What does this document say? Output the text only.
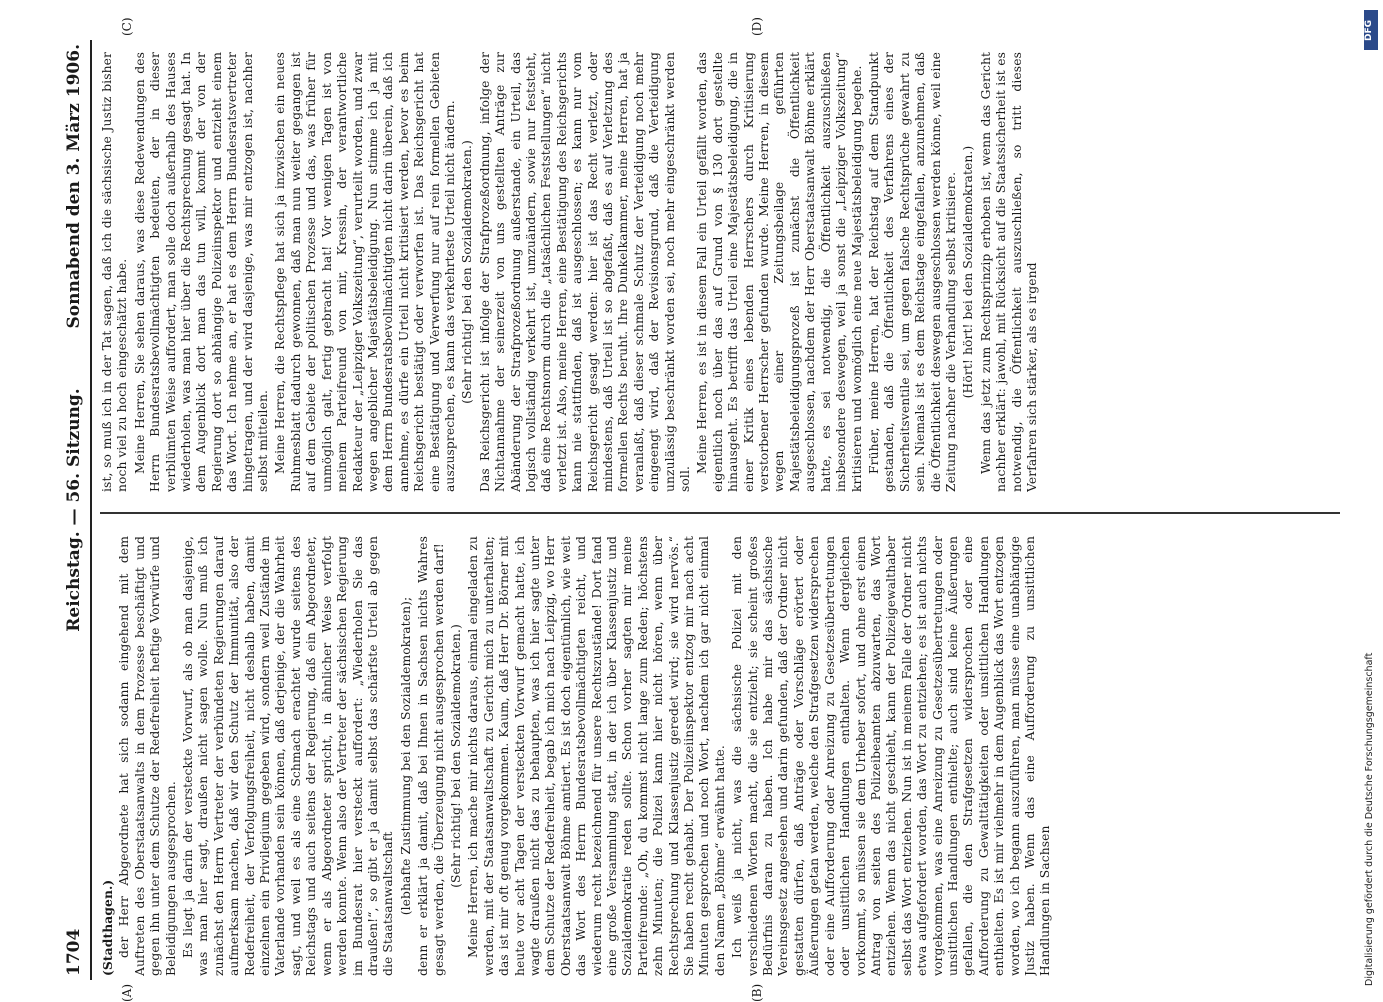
1704
Reichstag. — 56. Sitzung.
Sonnabend den 3. März 1906.

(Stadthagen.) der Herr Abgeordnete hat sich sodann eingehend mit dem Auftreten des Oberstaatsanwalts in dem Prozesse beschäftigt und gegen ihn unter dem Schutze der Redefreiheit heftige Vorwürfe und Beleidigungen ausgesprochen. Es liegt ja darin der versteckte Vorwurf, als ob man dasjenige, was man hier sagt, draußen nicht sagen wolle. Nun muß ich zunächst den Herrn Vertreter der verbündeten Regierungen darauf aufmerksam machen, daß wir den Schutz der Immunität, also der Redefreiheit, der Verfolgungsfreiheit, nicht deshalb haben, damit einzelnen ein Privilegium gegeben wird, sondern weil Zustände im Vaterlande vorhanden sein können, daß derjenige, der die Wahrheit sagt, und weil es als eine Schmach erachtet wurde seitens des Reichstags und auch seitens der Regierung, daß ein Abgeordneter, wenn er als Abgeordneter spricht, in ähnlicher Weise verfolgt werden konnte. Wenn also der Vertreter der sächsischen Regierung im Bundesrat hier versteckt auffordert: „Wiederholen Sie das draußen!“, so gibt er ja damit selbst das schärfste Urteil ab gegen die Staatsanwaltschaft (lebhafte Zustimmung bei den Sozialdemokraten); denn er erklärt ja damit, daß bei Ihnen in Sachsen nichts Wahres gesagt werden, die Überzeugung nicht ausgesprochen werden darf! (Sehr richtig! bei den Sozialdemokraten.) Meine Herren, ich mache mir nichts daraus, einmal eingeladen zu werden, mit der Staatsanwaltschaft zu Gericht mich zu unterhalten; das ist mir oft genug vorgekommen. Kaum, daß Herr Dr. Börner mit heute vor acht Tagen der versteckten Vorwurf gemacht hatte, ich wagte draußen nicht das zu behaupten, was ich hier sagte unter dem Schutze der Redefreiheit, begab ich mich nach Leipzig, wo Herr Oberstaatsanwalt Böhme amtiert. Es ist doch eigentümlich, wie weit das Wort des Herrn Bundesratsbevollmächtigten reicht, und wiederum recht bezeichnend für unsere Rechtszustände! Dort fand eine große Versammlung statt, in der ich über Klassenjustiz und Sozialdemokratie reden sollte. Schon vorher sagten mir meine Parteifreunde: „Oh, du kommst nicht lange zum Reden; höchstens zehn Minuten; die Polizei kann hier nicht hören, wenn über Rechtsprechung und Klassenjustiz geredet wird; sie wird nervös.“ Sie haben recht gehabt. Der Polizeiinspektor entzog mir nach acht Minuten gesprochen und noch Wort, nachdem ich gar nicht einmal den Namen „Böhme“ erwähnt hatte. Ich weiß ja nicht, was die sächsische Polizei mit den verschiedenen Worten macht, die sie entzieht; sie scheint großes Bedürfnis daran zu haben. Ich habe mir das sächsische Vereinsgesetz angesehen und darin gefunden, daß der Ordner nicht gestatten dürfen, daß Anträge oder Vorschläge erörtert oder Äußerungen getan werden, welche den Strafgesetzen widersprechen oder eine Aufforderung oder Anreizung zu Gesetzesübertretungen oder unsittlichen Handlungen enthalten. Wenn dergleichen vorkommt, so müssen sie dem Urheber sofort, und ohne erst einen Antrag von seiten des Polizeibeamten abzuwarten, das Wort entziehen. Wenn das nicht geschieht, kann der Polizeigewalthaber selbst das Wort entziehen. Nun ist in meinem Falle der Ordner nicht etwa aufgefordert worden, das Wort zu entziehen; es ist auch nichts vorgekommen, was eine Anreizung zu Gesetzesübertretungen oder unsittlichen Handlungen enthielte; auch sind keine Äußerungen gefallen, die den Strafgesetzen widersprochen oder eine Aufforderung zu Gewalttätigkeiten oder unsittlichen Handlungen enthielten. Es ist mir vielmehr in dem Augenblick das Wort entzogen worden, wo ich begann auszuführen, man müsse eine unabhängige Justiz haben. Wenn das eine Aufforderung zu unsittlichen Handlungen in Sachsen

ist, so muß ich in der Tat sagen, daß ich die sächsische Justiz bisher noch viel zu hoch eingeschätzt habe. Meine Herren, Sie sehen daraus, was diese Redewendungen des Herrn Bundesratsbevollmächtigten bedeuten, der in dieser verblümten Weise auffordert, man solle doch außerhalb des Hauses wiederholen, was man hier über die Rechtsprechung gesagt hat. In dem Augenblick dort man das tun will, kommt der von der Regierung dort so abhängige Polizeiinspektor und entzieht einem das Wort. Ich nehme an, er hat es dem Herrn Bundesratsvertreter hingetragen, und der wird dasjenige, was mir entzogen ist, nachher selbst mitteilen. Meine Herren, die Rechtspflege hat sich ja inzwischen ein neues Ruhmesblatt dadurch gewonnen, daß man nun weiter gegangen ist auf dem Gebiete der politischen Prozesse und das, was früher für unmöglich galt, fertig gebracht hat! Vor wenigen Tagen ist von meinem Parteifreund von mir, Kressin, der verantwortliche Redakteur der „Leipziger Volkszeitung“, verurteilt worden, und zwar wegen angeblicher Majestätsbeleidigung. Nun stimme ich ja mit dem Herrn Bundesratsbevollmächtigten nicht darin überein, daß ich annehme, es dürfe ein Urteil nicht kritisiert werden, bevor es beim Reichsgericht bestätigt oder verworfen ist. Das Reichsgericht hat eine Bestätigung und Verwerfung nur auf rein formellen Gebieten auszusprechen, es kann das verkehrteste Urteil nicht ändern. (Sehr richtig! bei den Sozialdemokraten.) Das Reichsgericht ist infolge der Strafprozeßordnung, infolge der Nichtannahme der seinerzeit von uns gestellten Anträge zur Abänderung der Strafprozeßordnung außerstande, ein Urteil, das logisch vollständig verkehrt ist, umzuändern, sowie nur feststeht, daß eine Rechtsnorm durch die „tatsächlichen Feststellungen“ nicht verletzt ist. Also, meine Herren, eine Bestätigung des Reichsgerichts kann nie stattfinden, daß ist ausgeschlossen; es kann nur vom Reichsgericht gesagt werden: hier ist das Recht verletzt, oder mindestens, daß Urteil ist so abgefaßt, daß es auf Verletzung des formellen Rechts beruht. Ihre Dunkelkammer, meine Herren, hat ja veranlaßt, daß dieser schmale Schutz der Verteidigung noch mehr eingeengt wird, daß der Revisionsgrund, daß die Verteidigung unzulässig beschränkt worden sei, noch mehr eingeschränkt werden soll.

Meine Herren, es ist in diesem Fall ein Urteil gefällt worden, das eigentlich noch über das auf Grund von § 130 dort gestellte hinausgeht. Es betrifft das Urteil eine Majestätsbeleidigung, die in einer Kritik eines lebenden Herrschers durch Kritisierung verstorbener Herrscher gefunden wurde. Meine Herren, in diesem wegen einer Zeitungsbeilage geführten Majestätsbeleidigungsprozeß ist zunächst die Öffentlichkeit ausgeschlossen, nachdem der Herr Oberstaatsanwalt Böhme erklärt hatte, es sei notwendig, die Öffentlichkeit auszuschließen insbesondere deswegen, weil ja sonst die „Leipziger Volkszeitung“ kritisieren und womöglich eine neue Majestätsbeleidigung begehe. Früher, meine Herren, hat der Reichstag auf dem Standpunkt gestanden, daß die Öffentlichkeit des Verfahrens eines der Sicherheitsventile sei, um gegen falsche Rechtsprüche gewahrt zu sein. Niemals ist es dem Reichstage eingefallen, anzunehmen, daß die Öffentlichkeit deswegen ausgeschlossen werden könne, weil eine Zeitung nachher die Verhandlung selbst kritisiere. (Hört! hört! bei den Sozialdemokraten.) Wenn das jetzt zum Rechtsprinzip erhoben ist, wenn das Gericht nachher erklärt: jawohl, mit Rücksicht auf die Staatssicherheit ist es notwendig, die Öffentlichkeit auszuschließen, so tritt dieses Verfahren sich stärker, als es irgend

(A)	(B)
(C)	(D)	DFG
Digitalisierung gefördert durch die Deutsche Forschungsgemeinschaft
